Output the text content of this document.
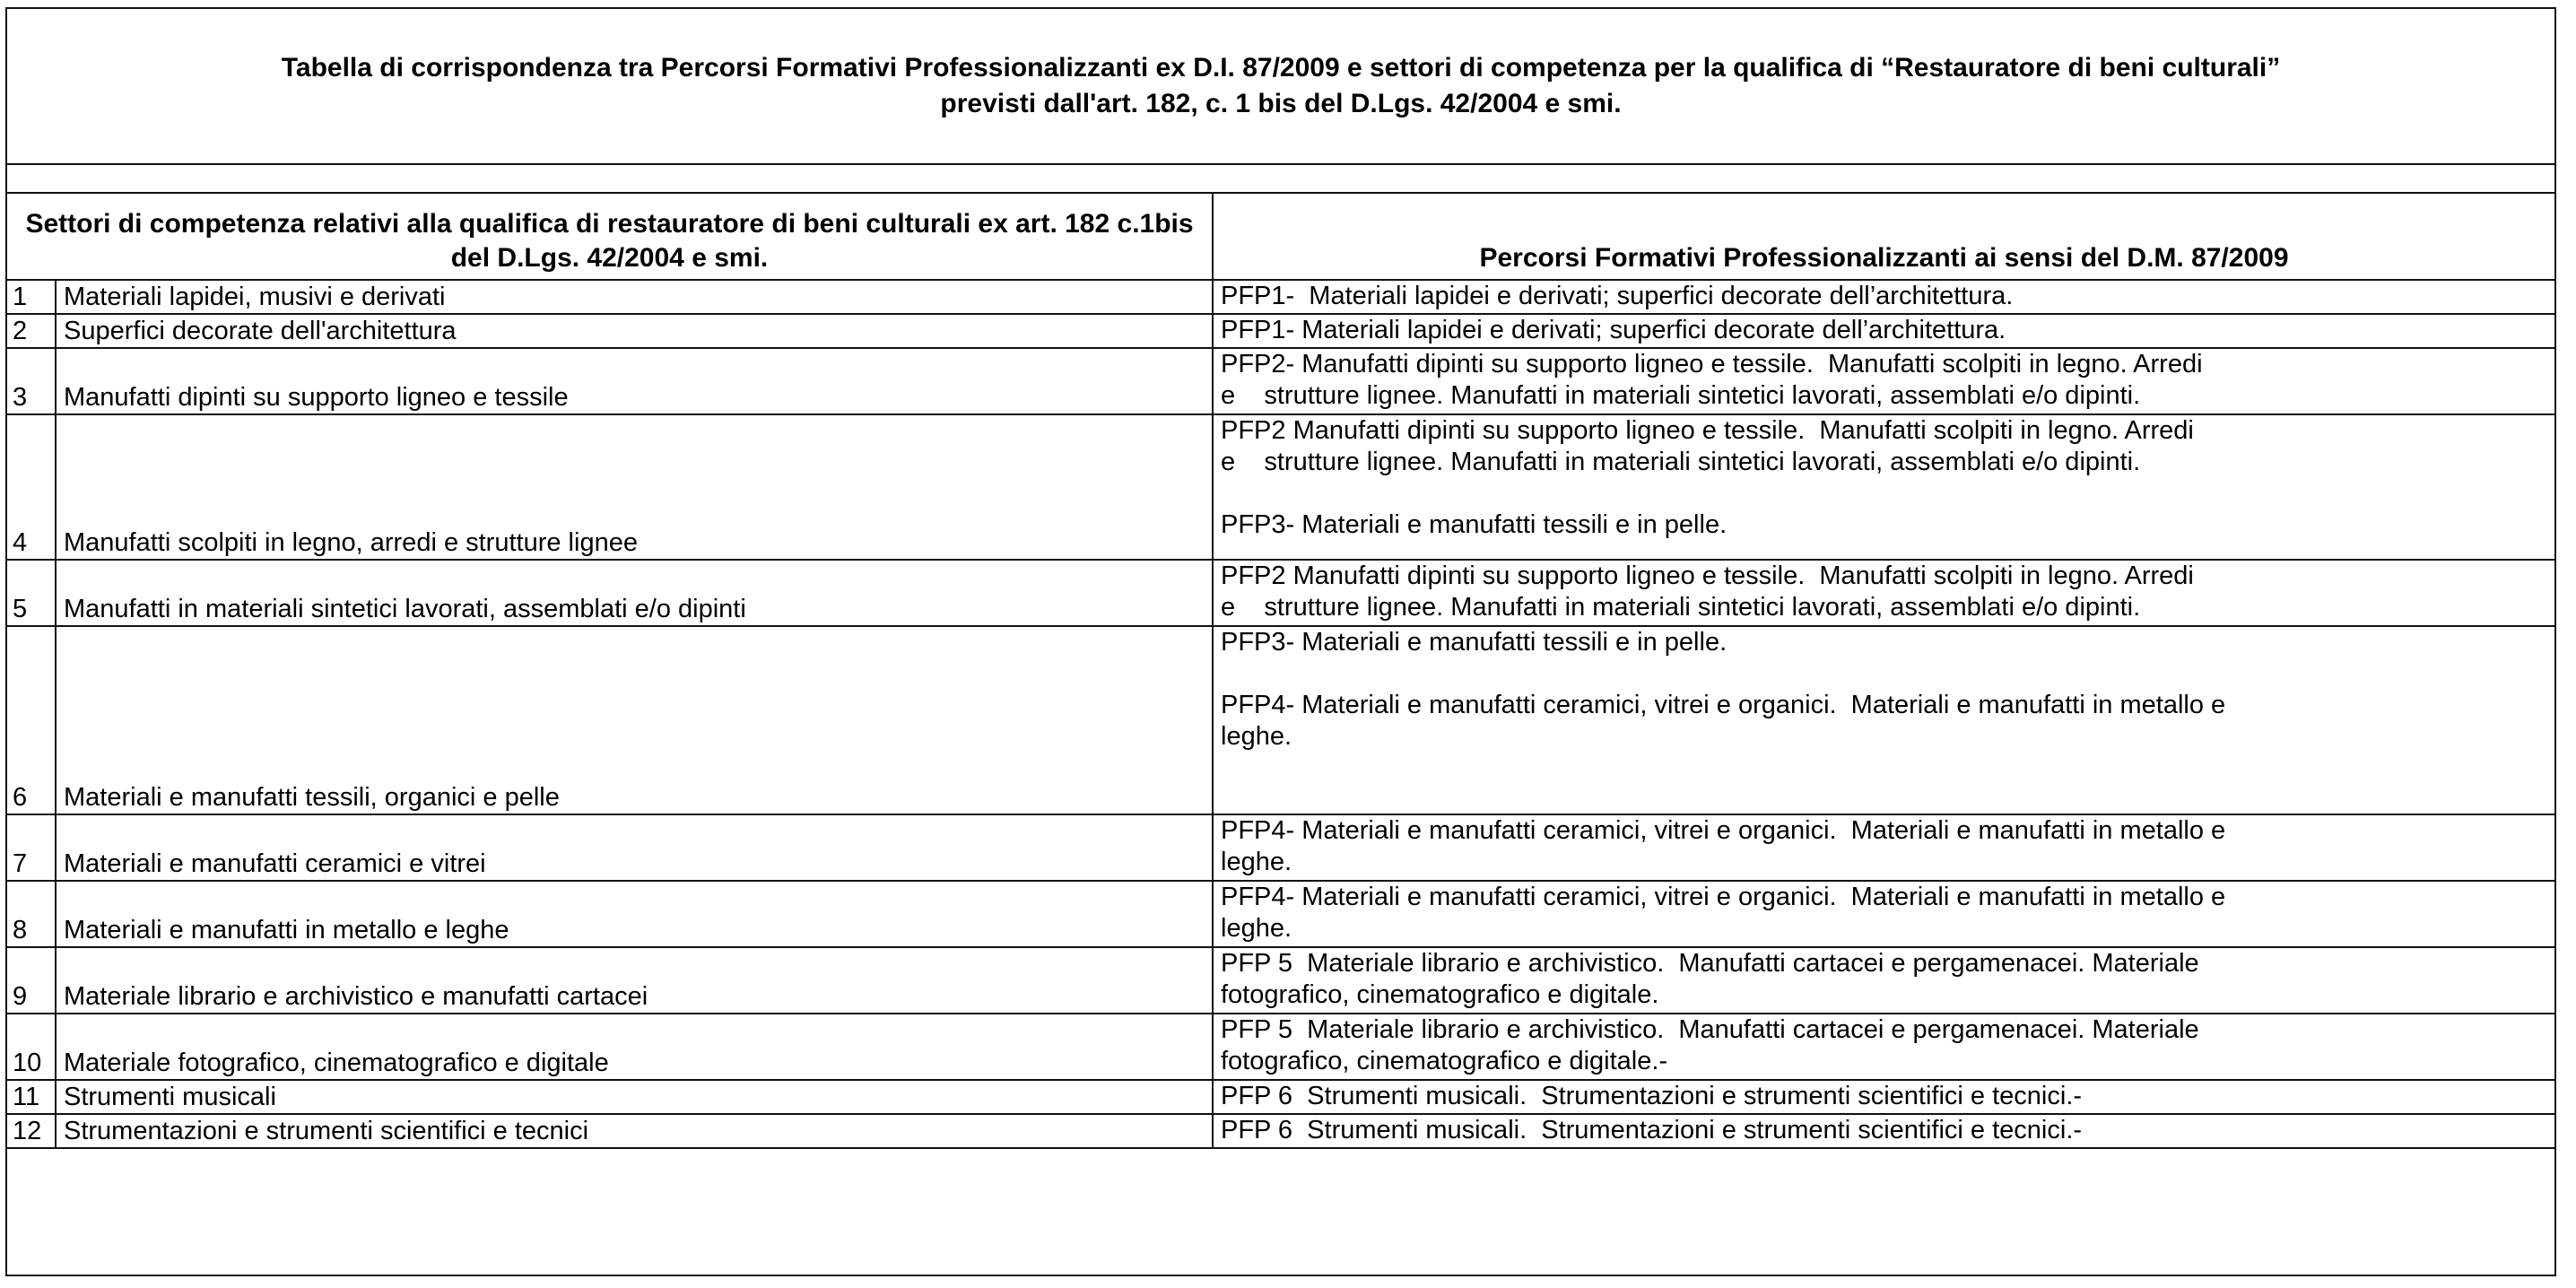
Tabella di corrispondenza tra Percorsi Formativi Professionalizzanti ex D.I. 87/2009 e settori di competenza per la qualifica di “Restauratore di beni culturali”
previsti dall'art. 182, c. 1 bis del D.Lgs. 42/2004 e smi.
Settori di competenza relativi alla qualifica di restauratore di beni culturali ex art. 182 c.1bis del D.Lgs. 42/2004 e smi.		Percorsi Formativi Professionalizzanti ai sensi del D.M. 87/2009
1	Materiali lapidei, musivi e derivati	PFP1-  Materiali lapidei e derivati; superfici decorate dell’architettura.

2	Superfici decorate dell'architettura	PFP1- Materiali lapidei e derivati; superfici decorate dell’architettura.

3	Manufatti dipinti su supporto ligneo e tessile	PFP2- Manufatti dipinti su supporto ligneo e tessile.  Manufatti scolpiti in legno. Arredi
e    strutture lignee. Manufatti in materiali sintetici lavorati, assemblati e/o dipinti.

4	Manufatti scolpiti in legno, arredi e strutture lignee	PFP2 Manufatti dipinti su supporto ligneo e tessile.  Manufatti scolpiti in legno. Arredi
e    strutture lignee. Manufatti in materiali sintetici lavorati, assemblati e/o dipinti.
PFP3- Materiali e manufatti tessili e in pelle.

5	Manufatti in materiali sintetici lavorati, assemblati e/o dipinti	PFP2 Manufatti dipinti su supporto ligneo e tessile.  Manufatti scolpiti in legno. Arredi
e    strutture lignee. Manufatti in materiali sintetici lavorati, assemblati e/o dipinti.

6	Materiali e manufatti tessili, organici e pelle	PFP3- Materiali e manufatti tessili e in pelle.
PFP4- Materiali e manufatti ceramici, vitrei e organici.  Materiali e manufatti in metallo e
leghe.

7	Materiali e manufatti ceramici e vitrei	PFP4- Materiali e manufatti ceramici, vitrei e organici.  Materiali e manufatti in metallo e
leghe.

8	Materiali e manufatti in metallo e leghe	PFP4- Materiali e manufatti ceramici, vitrei e organici.  Materiali e manufatti in metallo e
leghe.

9	Materiale librario e archivistico e manufatti cartacei	PFP 5  Materiale librario e archivistico.  Manufatti cartacei e pergamenacei. Materiale
fotografico, cinematografico e digitale.

10	Materiale fotografico, cinematografico e digitale	PFP 5  Materiale librario e archivistico.  Manufatti cartacei e pergamenacei. Materiale
fotografico, cinematografico e digitale.-

11	Strumenti musicali	PFP 6  Strumenti musicali.  Strumentazioni e strumenti scientifici e tecnici.-

12	Strumentazioni e strumenti scientifici e tecnici	PFP 6  Strumenti musicali.  Strumentazioni e strumenti scientifici e tecnici.-
